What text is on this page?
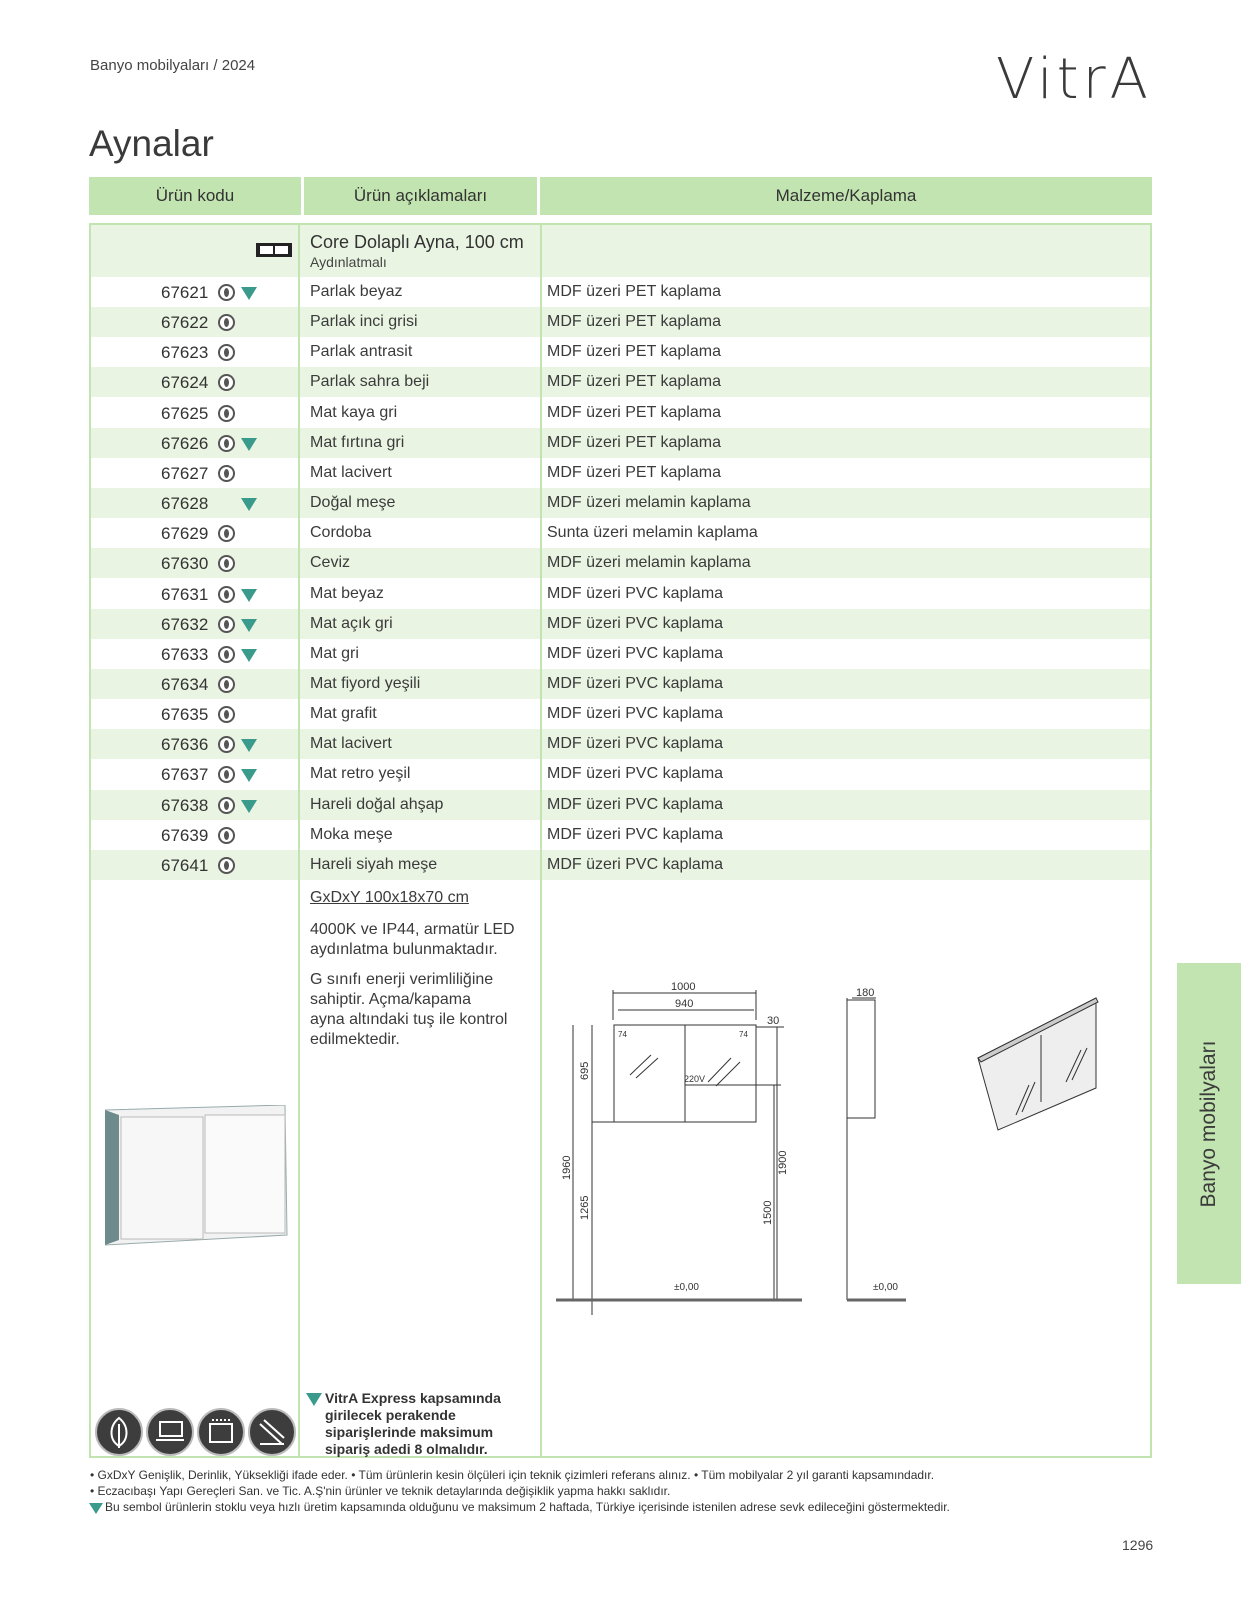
Banyo mobilyaları / 2024	VitrA
Aynalar
Ürün kodu	Ürün açıklamaları	Malzeme/Kaplama
Core Dolaplı Ayna, 100 cm
Aydınlatmalı
67621	Parlak beyaz	MDF üzeri PET kaplama
67622	Parlak inci grisi	MDF üzeri PET kaplama
67623	Parlak antrasit	MDF üzeri PET kaplama
67624	Parlak sahra beji	MDF üzeri PET kaplama
67625	Mat kaya gri	MDF üzeri PET kaplama
67626	Mat fırtına gri	MDF üzeri PET kaplama
67627	Mat lacivert	MDF üzeri PET kaplama
67628	Doğal meşe	MDF üzeri melamin kaplama
67629	Cordoba	Sunta üzeri melamin kaplama
67630	Ceviz	MDF üzeri melamin kaplama
67631	Mat beyaz	MDF üzeri PVC kaplama
67632	Mat açık gri	MDF üzeri PVC kaplama
67633	Mat gri	MDF üzeri PVC kaplama
67634	Mat fiyord yeşili	MDF üzeri PVC kaplama
67635	Mat grafit	MDF üzeri PVC kaplama
67636	Mat lacivert	MDF üzeri PVC kaplama
67637	Mat retro yeşil	MDF üzeri PVC kaplama
67638	Hareli doğal ahşap	MDF üzeri PVC kaplama
67639	Moka meşe	MDF üzeri PVC kaplama
67641	Hareli siyah meşe	MDF üzeri PVC kaplama
GxDxY 100x18x70 cm
4000K ve IP44, armatür LED aydınlatma bulunmaktadır.
G sınıfı enerji verimliliğine sahiptir. Açma/kapama ayna altındaki tuş ile kontrol edilmektedir.
VitrA Express kapsamında girilecek perakende siparişlerinde maksimum sipariş adedi 8 olmalıdır.
1000
940
30
180
220V
74	74
±0,00	±0,00
695
1960
1265
1900
1500
• GxDxY Genişlik, Derinlik, Yüksekliği ifade eder. • Tüm ürünlerin kesin ölçüleri için teknik çizimleri referans alınız. • Tüm mobilyalar 2 yıl garanti kapsamındadır.
• Eczacıbaşı Yapı Gereçleri San. ve Tic. A.Ş'nin ürünler ve teknik detaylarında değişiklik yapma hakkı saklıdır.
Bu sembol ürünlerin stoklu veya hızlı üretim kapsamında olduğunu ve maksimum 2 haftada, Türkiye içerisinde istenilen adrese sevk edileceğini göstermektedir.
Banyo mobilyaları
1296
